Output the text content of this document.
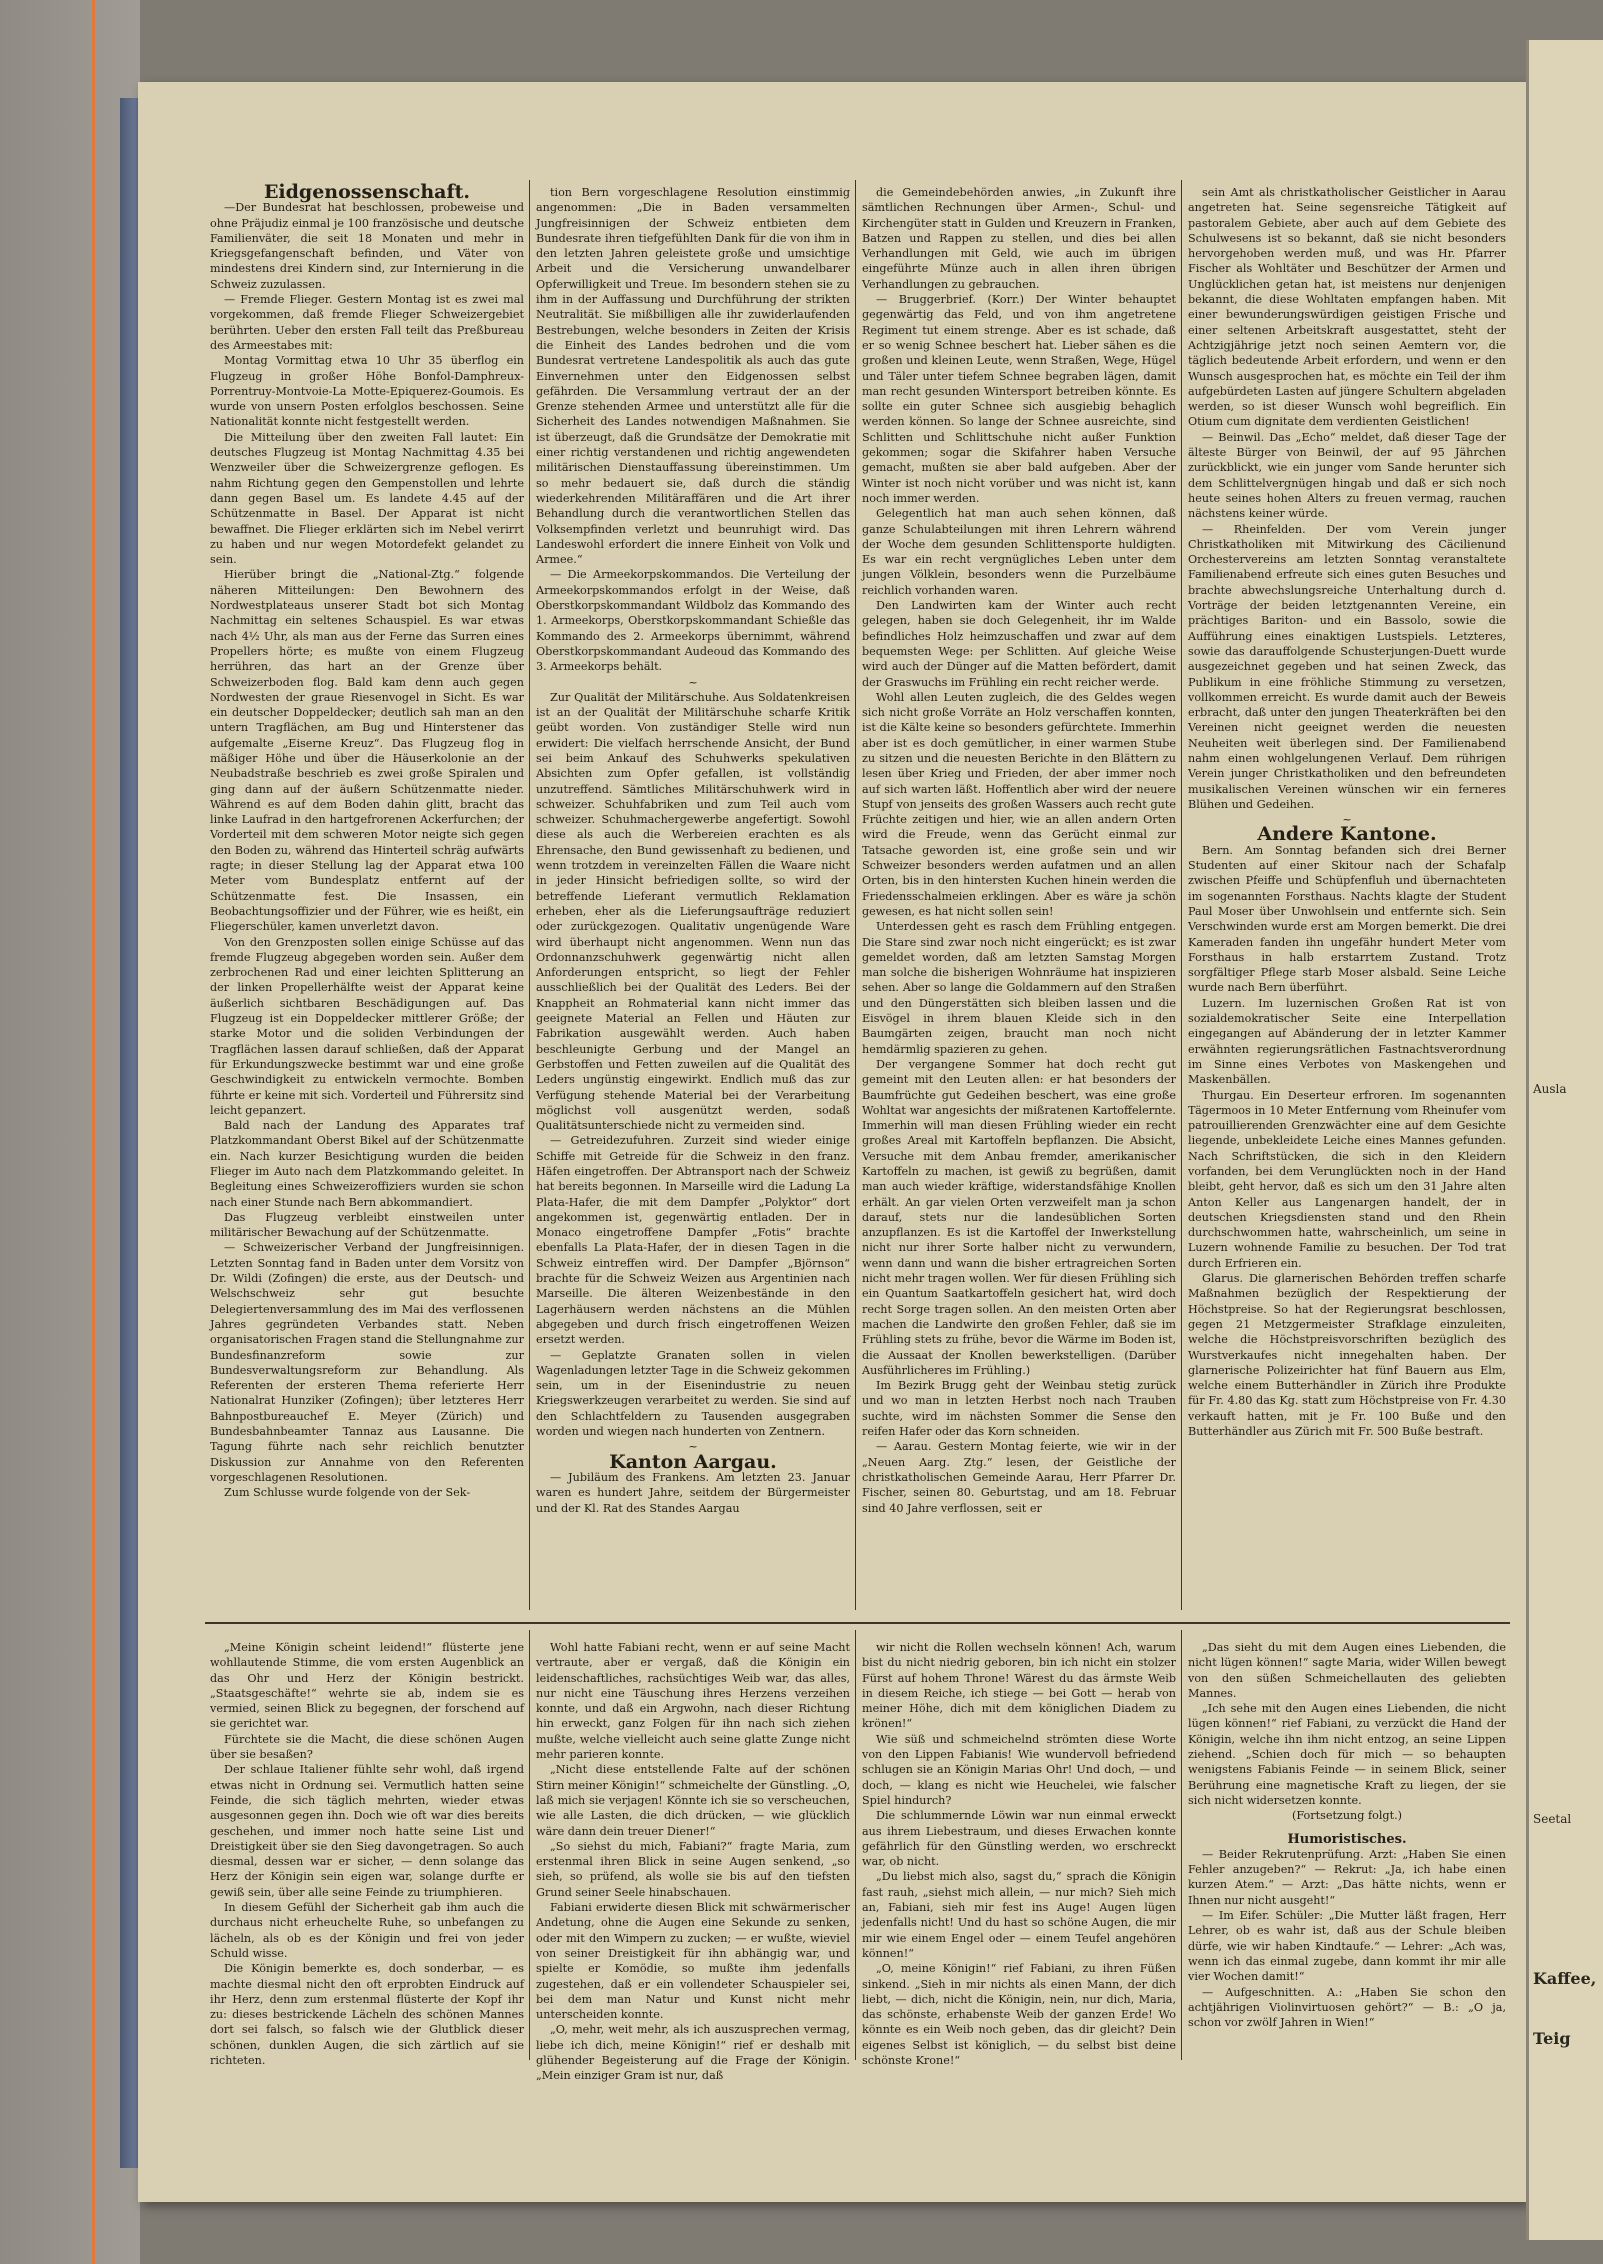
Ausla
Seetal
Kaffee,
Teig

Eidgenossenschaft.

—Der Bundesrat hat beschlossen, probeweise und ohne Präjudiz einmal je 100 französische und deutsche Familienväter, die seit 18 Monaten und mehr in Kriegsgefangenschaft befinden, und Väter von mindestens drei Kindern sind, zur Internierung in die Schweiz zuzulassen.

— Fremde Flieger. Gestern Montag ist es zwei mal vorgekommen, daß fremde Flieger Schweizergebiet berührten. Ueber den ersten Fall teilt das Preßbureau des Armeestabes mit:

Montag Vormittag etwa 10 Uhr 35 überflog ein Flugzeug in großer Höhe Bonfol-Damphreux-Porrentruy-Montvoie-La Motte-Epiquerez-Goumois. Es wurde von unsern Posten erfolglos beschossen. Seine Nationalität konnte nicht festgestellt werden.

Die Mitteilung über den zweiten Fall lautet: Ein deutsches Flugzeug ist Montag Nachmittag 4.35 bei Wenzweiler über die Schweizergrenze geflogen. Es nahm Richtung gegen den Gempenstollen und lehrte dann gegen Basel um. Es landete 4.45 auf der Schützenmatte in Basel. Der Apparat ist nicht bewaffnet. Die Flieger erklärten sich im Nebel verirrt zu haben und nur wegen Motordefekt gelandet zu sein.

Hierüber bringt die „National-Ztg.“ folgende näheren Mitteilungen: Den Bewohnern des Nordwestplateaus unserer Stadt bot sich Montag Nachmittag ein seltenes Schauspiel. Es war etwas nach 4½ Uhr, als man aus der Ferne das Surren eines Propellers hörte; es mußte von einem Flugzeug herrühren, das hart an der Grenze über Schweizerboden flog. Bald kam denn auch gegen Nordwesten der graue Riesenvogel in Sicht. Es war ein deutscher Doppeldecker; deutlich sah man an den untern Tragflächen, am Bug und Hinterstener das aufgemalte „Eiserne Kreuz“. Das Flugzeug flog in mäßiger Höhe und über die Häuserkolonie an der Neubadstraße beschrieb es zwei große Spiralen und ging dann auf der äußern Schützenmatte nieder. Während es auf dem Boden dahin glitt, bracht das linke Laufrad in den hartgefrorenen Ackerfurchen; der Vorderteil mit dem schweren Motor neigte sich gegen den Boden zu, während das Hinterteil schräg aufwärts ragte; in dieser Stellung lag der Apparat etwa 100 Meter vom Bundesplatz entfernt auf der Schützenmatte fest. Die Insassen, ein Beobachtungsoffizier und der Führer, wie es heißt, ein Fliegerschüler, kamen unverletzt davon.

Von den Grenzposten sollen einige Schüsse auf das fremde Flugzeug abgegeben worden sein. Außer dem zerbrochenen Rad und einer leichten Splitterung an der linken Propellerhälfte weist der Apparat keine äußerlich sichtbaren Beschädigungen auf. Das Flugzeug ist ein Doppeldecker mittlerer Größe; der starke Motor und die soliden Verbindungen der Tragflächen lassen darauf schließen, daß der Apparat für Erkundungszwecke bestimmt war und eine große Geschwindigkeit zu entwickeln vermochte. Bomben führte er keine mit sich. Vorderteil und Führersitz sind leicht gepanzert.

Bald nach der Landung des Apparates traf Platzkommandant Oberst Bikel auf der Schützenmatte ein. Nach kurzer Besichtigung wurden die beiden Flieger im Auto nach dem Platzkommando geleitet. In Begleitung eines Schweizeroffiziers wurden sie schon nach einer Stunde nach Bern abkommandiert.

Das Flugzeug verbleibt einstweilen unter militärischer Bewachung auf der Schützenmatte.

— Schweizerischer Verband der Jungfreisinnigen. Letzten Sonntag fand in Baden unter dem Vorsitz von Dr. Wildi (Zofingen) die erste, aus der Deutsch- und Welschschweiz sehr gut besuchte Delegiertenversammlung des im Mai des verflossenen Jahres gegründeten Verbandes statt. Neben organisatorischen Fragen stand die Stellungnahme zur Bundesfinanzreform sowie zur Bundesverwaltungsreform zur Behandlung. Als Referenten der ersteren Thema referierte Herr Nationalrat Hunziker (Zofingen); über letzteres Herr Bahnpostbureauchef E. Meyer (Zürich) und Bundesbahnbeamter Tannaz aus Lausanne. Die Tagung führte nach sehr reichlich benutzter Diskussion zur Annahme von den Referenten vorgeschlagenen Resolutionen.

Zum Schlusse wurde folgende von der Sek-

tion Bern vorgeschlagene Resolution einstimmig angenommen: „Die in Baden versammelten Jungfreisinnigen der Schweiz entbieten dem Bundesrate ihren tiefgefühlten Dank für die von ihm in den letzten Jahren geleistete große und umsichtige Arbeit und die Versicherung unwandelbarer Opferwilligkeit und Treue. Im besondern stehen sie zu ihm in der Auffassung und Durchführung der strikten Neutralität. Sie mißbilligen alle ihr zuwiderlaufenden Bestrebungen, welche besonders in Zeiten der Krisis die Einheit des Landes bedrohen und die vom Bundesrat vertretene Landespolitik als auch das gute Einvernehmen unter den Eidgenossen selbst gefährden. Die Versammlung vertraut der an der Grenze stehenden Armee und unterstützt alle für die Sicherheit des Landes notwendigen Maßnahmen. Sie ist überzeugt, daß die Grundsätze der Demokratie mit einer richtig verstandenen und richtig angewendeten militärischen Dienstauffassung übereinstimmen. Um so mehr bedauert sie, daß durch die ständig wiederkehrenden Militäraffären und die Art ihrer Behandlung durch die verantwortlichen Stellen das Volksempfinden verletzt und beunruhigt wird. Das Landeswohl erfordert die innere Einheit von Volk und Armee.“

— Die Armeekorpskommandos. Die Verteilung der Armeekorpskommandos erfolgt in der Weise, daß Oberstkorpskommandant Wildbolz das Kommando des 1. Armeekorps, Oberstkorpskommandant Schießle das Kommando des 2. Armeekorps übernimmt, während Oberstkorpskommandant Audeoud das Kommando des 3. Armeekorps behält.

~

Zur Qualität der Militärschuhe. Aus Soldatenkreisen ist an der Qualität der Militärschuhe scharfe Kritik geübt worden. Von zuständiger Stelle wird nun erwidert: Die vielfach herrschende Ansicht, der Bund sei beim Ankauf des Schuhwerks spekulativen Absichten zum Opfer gefallen, ist vollständig unzutreffend. Sämtliches Militärschuhwerk wird in schweizer. Schuhfabriken und zum Teil auch vom schweizer. Schuhmachergewerbe angefertigt. Sowohl diese als auch die Werbereien erachten es als Ehrensache, den Bund gewissenhaft zu bedienen, und wenn trotzdem in vereinzelten Fällen die Waare nicht in jeder Hinsicht befriedigen sollte, so wird der betreffende Lieferant vermutlich Reklamation erheben, eher als die Lieferungsaufträge reduziert oder zurückgezogen. Qualitativ ungenügende Ware wird überhaupt nicht angenommen. Wenn nun das Ordonnanzschuhwerk gegenwärtig nicht allen Anforderungen entspricht, so liegt der Fehler ausschließlich bei der Qualität des Leders. Bei der Knappheit an Rohmaterial kann nicht immer das geeignete Material an Fellen und Häuten zur Fabrikation ausgewählt werden. Auch haben beschleunigte Gerbung und der Mangel an Gerbstoffen und Fetten zuweilen auf die Qualität des Leders ungünstig eingewirkt. Endlich muß das zur Verfügung stehende Material bei der Verarbeitung möglichst voll ausgenützt werden, sodaß Qualitätsunterschiede nicht zu vermeiden sind.

— Getreidezufuhren. Zurzeit sind wieder einige Schiffe mit Getreide für die Schweiz in den franz. Häfen eingetroffen. Der Abtransport nach der Schweiz hat bereits begonnen. In Marseille wird die Ladung La Plata-Hafer, die mit dem Dampfer „Polyktor“ dort angekommen ist, gegenwärtig entladen. Der in Monaco eingetroffene Dampfer „Fotis“ brachte ebenfalls La Plata-Hafer, der in diesen Tagen in die Schweiz eintreffen wird. Der Dampfer „Björnson“ brachte für die Schweiz Weizen aus Argentinien nach Marseille. Die älteren Weizenbestände in den Lagerhäusern werden nächstens an die Mühlen abgegeben und durch frisch eingetroffenen Weizen ersetzt werden.

— Geplatzte Granaten sollen in vielen Wagenladungen letzter Tage in die Schweiz gekommen sein, um in der Eisenindustrie zu neuen Kriegswerkzeugen verarbeitet zu werden. Sie sind auf den Schlachtfeldern zu Tausenden ausgegraben worden und wiegen nach hunderten von Zentnern.

~

Kanton Aargau.

— Jubiläum des Frankens. Am letzten 23. Januar waren es hundert Jahre, seitdem der Bürgermeister und der Kl. Rat des Standes Aargau

die Gemeindebehörden anwies, „in Zukunft ihre sämtlichen Rechnungen über Armen-, Schul- und Kirchengüter statt in Gulden und Kreuzern in Franken, Batzen und Rappen zu stellen, und dies bei allen Verhandlungen mit Geld, wie auch im übrigen eingeführte Münze auch in allen ihren übrigen Verhandlungen zu gebrauchen.

— Bruggerbrief. (Korr.) Der Winter behauptet gegenwärtig das Feld, und von ihm angetretene Regiment tut einem strenge. Aber es ist schade, daß er so wenig Schnee beschert hat. Lieber sähen es die großen und kleinen Leute, wenn Straßen, Wege, Hügel und Täler unter tiefem Schnee begraben lägen, damit man recht gesunden Wintersport betreiben könnte. Es sollte ein guter Schnee sich ausgiebig behaglich werden können. So lange der Schnee ausreichte, sind Schlitten und Schlittschuhe nicht außer Funktion gekommen; sogar die Skifahrer haben Versuche gemacht, mußten sie aber bald aufgeben. Aber der Winter ist noch nicht vorüber und was nicht ist, kann noch immer werden.

Gelegentlich hat man auch sehen können, daß ganze Schulabteilungen mit ihren Lehrern während der Woche dem gesunden Schlittensporte huldigten. Es war ein recht vergnügliches Leben unter dem jungen Völklein, besonders wenn die Purzelbäume reichlich vorhanden waren.

Den Landwirten kam der Winter auch recht gelegen, haben sie doch Gelegenheit, ihr im Walde befindliches Holz heimzuschaffen und zwar auf dem bequemsten Wege: per Schlitten. Auf gleiche Weise wird auch der Dünger auf die Matten befördert, damit der Graswuchs im Frühling ein recht reicher werde.

Wohl allen Leuten zugleich, die des Geldes wegen sich nicht große Vorräte an Holz verschaffen konnten, ist die Kälte keine so besonders gefürchtete. Immerhin aber ist es doch gemütlicher, in einer warmen Stube zu sitzen und die neuesten Berichte in den Blättern zu lesen über Krieg und Frieden, der aber immer noch auf sich warten läßt. Hoffentlich aber wird der neuere Stupf von jenseits des großen Wassers auch recht gute Früchte zeitigen und hier, wie an allen andern Orten wird die Freude, wenn das Gerücht einmal zur Tatsache geworden ist, eine große sein und wir Schweizer besonders werden aufatmen und an allen Orten, bis in den hintersten Kuchen hinein werden die Friedensschalmeien erklingen. Aber es wäre ja schön gewesen, es hat nicht sollen sein!

Unterdessen geht es rasch dem Frühling entgegen. Die Stare sind zwar noch nicht eingerückt; es ist zwar gemeldet worden, daß am letzten Samstag Morgen man solche die bisherigen Wohnräume hat inspizieren sehen. Aber so lange die Goldammern auf den Straßen und den Düngerstätten sich bleiben lassen und die Eisvögel in ihrem blauen Kleide sich in den Baumgärten zeigen, braucht man noch nicht hemdärmlig spazieren zu gehen.

Der vergangene Sommer hat doch recht gut gemeint mit den Leuten allen: er hat besonders der Baumfrüchte gut Gedeihen beschert, was eine große Wohltat war angesichts der mißratenen Kartoffelernte. Immerhin will man diesen Frühling wieder ein recht großes Areal mit Kartoffeln bepflanzen. Die Absicht, Versuche mit dem Anbau fremder, amerikanischer Kartoffeln zu machen, ist gewiß zu begrüßen, damit man auch wieder kräftige, widerstandsfähige Knollen erhält. An gar vielen Orten verzweifelt man ja schon darauf, stets nur die landesüblichen Sorten anzupflanzen. Es ist die Kartoffel der Inwerkstellung nicht nur ihrer Sorte halber nicht zu verwundern, wenn dann und wann die bisher ertragreichen Sorten nicht mehr tragen wollen. Wer für diesen Frühling sich ein Quantum Saatkartoffeln gesichert hat, wird doch recht Sorge tragen sollen. An den meisten Orten aber machen die Landwirte den großen Fehler, daß sie im Frühling stets zu frühe, bevor die Wärme im Boden ist, die Aussaat der Knollen bewerkstelligen. (Darüber Ausführlicheres im Frühling.)

Im Bezirk Brugg geht der Weinbau stetig zurück und wo man in letzten Herbst noch nach Trauben suchte, wird im nächsten Sommer die Sense den reifen Hafer oder das Korn schneiden.

— Aarau. Gestern Montag feierte, wie wir in der „Neuen Aarg. Ztg.“ lesen, der Geistliche der christkatholischen Gemeinde Aarau, Herr Pfarrer Dr. Fischer, seinen 80. Geburtstag, und am 18. Februar sind 40 Jahre verflossen, seit er

sein Amt als christkatholischer Geistlicher in Aarau angetreten hat. Seine segensreiche Tätigkeit auf pastoralem Gebiete, aber auch auf dem Gebiete des Schulwesens ist so bekannt, daß sie nicht besonders hervorgehoben werden muß, und was Hr. Pfarrer Fischer als Wohltäter und Beschützer der Armen und Unglücklichen getan hat, ist meistens nur denjenigen bekannt, die diese Wohltaten empfangen haben. Mit einer bewunderungswürdigen geistigen Frische und einer seltenen Arbeitskraft ausgestattet, steht der Achtzigjährige jetzt noch seinen Aemtern vor, die täglich bedeutende Arbeit erfordern, und wenn er den Wunsch ausgesprochen hat, es möchte ein Teil der ihm aufgebürdeten Lasten auf jüngere Schultern abgeladen werden, so ist dieser Wunsch wohl begreiflich. Ein Otium cum dignitate dem verdienten Geistlichen!

— Beinwil. Das „Echo“ meldet, daß dieser Tage der älteste Bürger von Beinwil, der auf 95 Jährchen zurückblickt, wie ein junger vom Sande herunter sich dem Schlittelvergnügen hingab und daß er sich noch heute seines hohen Alters zu freuen vermag, rauchen nächstens keiner würde.

— Rheinfelden. Der vom Verein junger Christkatholiken mit Mitwirkung des Cäcilienund Orchestervereins am letzten Sonntag veranstaltete Familienabend erfreute sich eines guten Besuches und brachte abwechslungsreiche Unterhaltung durch d. Vorträge der beiden letztgenannten Vereine, ein prächtiges Bariton- und ein Bassolo, sowie die Aufführung eines einaktigen Lustspiels. Letzteres, sowie das darauffolgende Schusterjungen-Duett wurde ausgezeichnet gegeben und hat seinen Zweck, das Publikum in eine fröhliche Stimmung zu versetzen, vollkommen erreicht. Es wurde damit auch der Beweis erbracht, daß unter den jungen Theaterkräften bei den Vereinen nicht geeignet werden die neuesten Neuheiten weit überlegen sind. Der Familienabend nahm einen wohlgelungenen Verlauf. Dem rührigen Verein junger Christkatholiken und den befreundeten musikalischen Vereinen wünschen wir ein ferneres Blühen und Gedeihen.

~

Andere Kantone.

Bern. Am Sonntag befanden sich drei Berner Studenten auf einer Skitour nach der Schafalp zwischen Pfeiffe und Schüpfenfluh und übernachteten im sogenannten Forsthaus. Nachts klagte der Student Paul Moser über Unwohlsein und entfernte sich. Sein Verschwinden wurde erst am Morgen bemerkt. Die drei Kameraden fanden ihn ungefähr hundert Meter vom Forsthaus in halb erstarrtem Zustand. Trotz sorgfältiger Pflege starb Moser alsbald. Seine Leiche wurde nach Bern überführt.

Luzern. Im luzernischen Großen Rat ist von sozialdemokratischer Seite eine Interpellation eingegangen auf Abänderung der in letzter Kammer erwähnten regierungsrätlichen Fastnachtsverordnung im Sinne eines Verbotes von Maskengehen und Maskenbällen.

Thurgau. Ein Deserteur erfroren. Im sogenannten Tägermoos in 10 Meter Entfernung vom Rheinufer vom patrouillierenden Grenzwächter eine auf dem Gesichte liegende, unbekleidete Leiche eines Mannes gefunden. Nach Schriftstücken, die sich in den Kleidern vorfanden, bei dem Verunglückten noch in der Hand bleibt, geht hervor, daß es sich um den 31 Jahre alten Anton Keller aus Langenargen handelt, der in deutschen Kriegsdiensten stand und den Rhein durchschwommen hatte, wahrscheinlich, um seine in Luzern wohnende Familie zu besuchen. Der Tod trat durch Erfrieren ein.

Glarus. Die glarnerischen Behörden treffen scharfe Maßnahmen bezüglich der Respektierung der Höchstpreise. So hat der Regierungsrat beschlossen, gegen 21 Metzgermeister Strafklage einzuleiten, welche die Höchstpreisvorschriften bezüglich des Wurstverkaufes nicht innegehalten haben. Der glarnerische Polizeirichter hat fünf Bauern aus Elm, welche einem Butterhändler in Zürich ihre Produkte für Fr. 4.80 das Kg. statt zum Höchstpreise von Fr. 4.30 verkauft hatten, mit je Fr. 100 Buße und den Butterhändler aus Zürich mit Fr. 500 Buße bestraft.

„Meine Königin scheint leidend!“ flüsterte jene wohllautende Stimme, die vom ersten Augenblick an das Ohr und Herz der Königin bestrickt. „Staatsgeschäfte!“ wehrte sie ab, indem sie es vermied, seinen Blick zu begegnen, der forschend auf sie gerichtet war.

Fürchtete sie die Macht, die diese schönen Augen über sie besaßen?

Der schlaue Italiener fühlte sehr wohl, daß irgend etwas nicht in Ordnung sei. Vermutlich hatten seine Feinde, die sich täglich mehrten, wieder etwas ausgesonnen gegen ihn. Doch wie oft war dies bereits geschehen, und immer noch hatte seine List und Dreistigkeit über sie den Sieg davongetragen. So auch diesmal, dessen war er sicher, — denn solange das Herz der Königin sein eigen war, solange durfte er gewiß sein, über alle seine Feinde zu triumphieren.

In diesem Gefühl der Sicherheit gab ihm auch die durchaus nicht erheuchelte Ruhe, so unbefangen zu lächeln, als ob es der Königin und frei von jeder Schuld wisse.

Die Königin bemerkte es, doch sonderbar, — es machte diesmal nicht den oft erprobten Eindruck auf ihr Herz, denn zum erstenmal flüsterte der Kopf ihr zu: dieses bestrickende Lächeln des schönen Mannes dort sei falsch, so falsch wie der Glutblick dieser schönen, dunklen Augen, die sich zärtlich auf sie richteten.

Wohl hatte Fabiani recht, wenn er auf seine Macht vertraute, aber er vergaß, daß die Königin ein leidenschaftliches, rachsüchtiges Weib war, das alles, nur nicht eine Täuschung ihres Herzens verzeihen konnte, und daß ein Argwohn, nach dieser Richtung hin erweckt, ganz Folgen für ihn nach sich ziehen mußte, welche vielleicht auch seine glatte Zunge nicht mehr parieren konnte.

„Nicht diese entstellende Falte auf der schönen Stirn meiner Königin!“ schmeichelte der Günstling. „O, laß mich sie verjagen! Könnte ich sie so verscheuchen, wie alle Lasten, die dich drücken, — wie glücklich wäre dann dein treuer Diener!“

„So siehst du mich, Fabiani?“ fragte Maria, zum erstenmal ihren Blick in seine Augen senkend, „so sieh, so prüfend, als wolle sie bis auf den tiefsten Grund seiner Seele hinabschauen.

Fabiani erwiderte diesen Blick mit schwärmerischer Andetung, ohne die Augen eine Sekunde zu senken, oder mit den Wimpern zu zucken; — er wußte, wieviel von seiner Dreistigkeit für ihn abhängig war, und spielte er Komödie, so mußte ihm jedenfalls zugestehen, daß er ein vollendeter Schauspieler sei, bei dem man Natur und Kunst nicht mehr unterscheiden konnte.

„O, mehr, weit mehr, als ich auszusprechen vermag, liebe ich dich, meine Königin!“ rief er deshalb mit glühender Begeisterung auf die Frage der Königin. „Mein einziger Gram ist nur, daß

wir nicht die Rollen wechseln können! Ach, warum bist du nicht niedrig geboren, bin ich nicht ein stolzer Fürst auf hohem Throne! Wärest du das ärmste Weib in diesem Reiche, ich stiege — bei Gott — herab von meiner Höhe, dich mit dem königlichen Diadem zu krönen!“

Wie süß und schmeichelnd strömten diese Worte von den Lippen Fabianis! Wie wundervoll befriedend schlugen sie an Königin Marias Ohr! Und doch, — und doch, — klang es nicht wie Heuchelei, wie falscher Spiel hindurch?

Die schlummernde Löwin war nun einmal erweckt aus ihrem Liebestraum, und dieses Erwachen konnte gefährlich für den Günstling werden, wo erschreckt war, ob nicht.

„Du liebst mich also, sagst du,“ sprach die Königin fast rauh, „siehst mich allein, — nur mich? Sieh mich an, Fabiani, sieh mir fest ins Auge! Augen lügen jedenfalls nicht! Und du hast so schöne Augen, die mir mir wie einem Engel oder — einem Teufel angehören können!“

„O, meine Königin!“ rief Fabiani, zu ihren Füßen sinkend. „Sieh in mir nichts als einen Mann, der dich liebt, — dich, nicht die Königin, nein, nur dich, Maria, das schönste, erhabenste Weib der ganzen Erde! Wo könnte es ein Weib noch geben, das dir gleicht? Dein eigenes Selbst ist königlich, — du selbst bist deine schönste Krone!“

„Das sieht du mit dem Augen eines Liebenden, die nicht lügen können!“ sagte Maria, wider Willen bewegt von den süßen Schmeichellauten des geliebten Mannes.

„Ich sehe mit den Augen eines Liebenden, die nicht lügen können!“ rief Fabiani, zu verzückt die Hand der Königin, welche ihn ihm nicht entzog, an seine Lippen ziehend. „Schien doch für mich — so behaupten wenigstens Fabianis Feinde — in seinem Blick, seiner Berührung eine magnetische Kraft zu liegen, der sie sich nicht widersetzen konnte.

(Fortsetzung folgt.)

Humoristisches.

— Beider Rekrutenprüfung. Arzt: „Haben Sie einen Fehler anzugeben?“ — Rekrut: „Ja, ich habe einen kurzen Atem.“ — Arzt: „Das hätte nichts, wenn er Ihnen nur nicht ausgeht!“

— Im Eifer. Schüler: „Die Mutter läßt fragen, Herr Lehrer, ob es wahr ist, daß aus der Schule bleiben dürfe, wie wir haben Kindtaufe.“ — Lehrer: „Ach was, wenn ich das einmal zugebe, dann kommt ihr mir alle vier Wochen damit!“

— Aufgeschnitten. A.: „Haben Sie schon den achtjährigen Violinvirtuosen gehört?“ — B.: „O ja, schon vor zwölf Jahren in Wien!“
